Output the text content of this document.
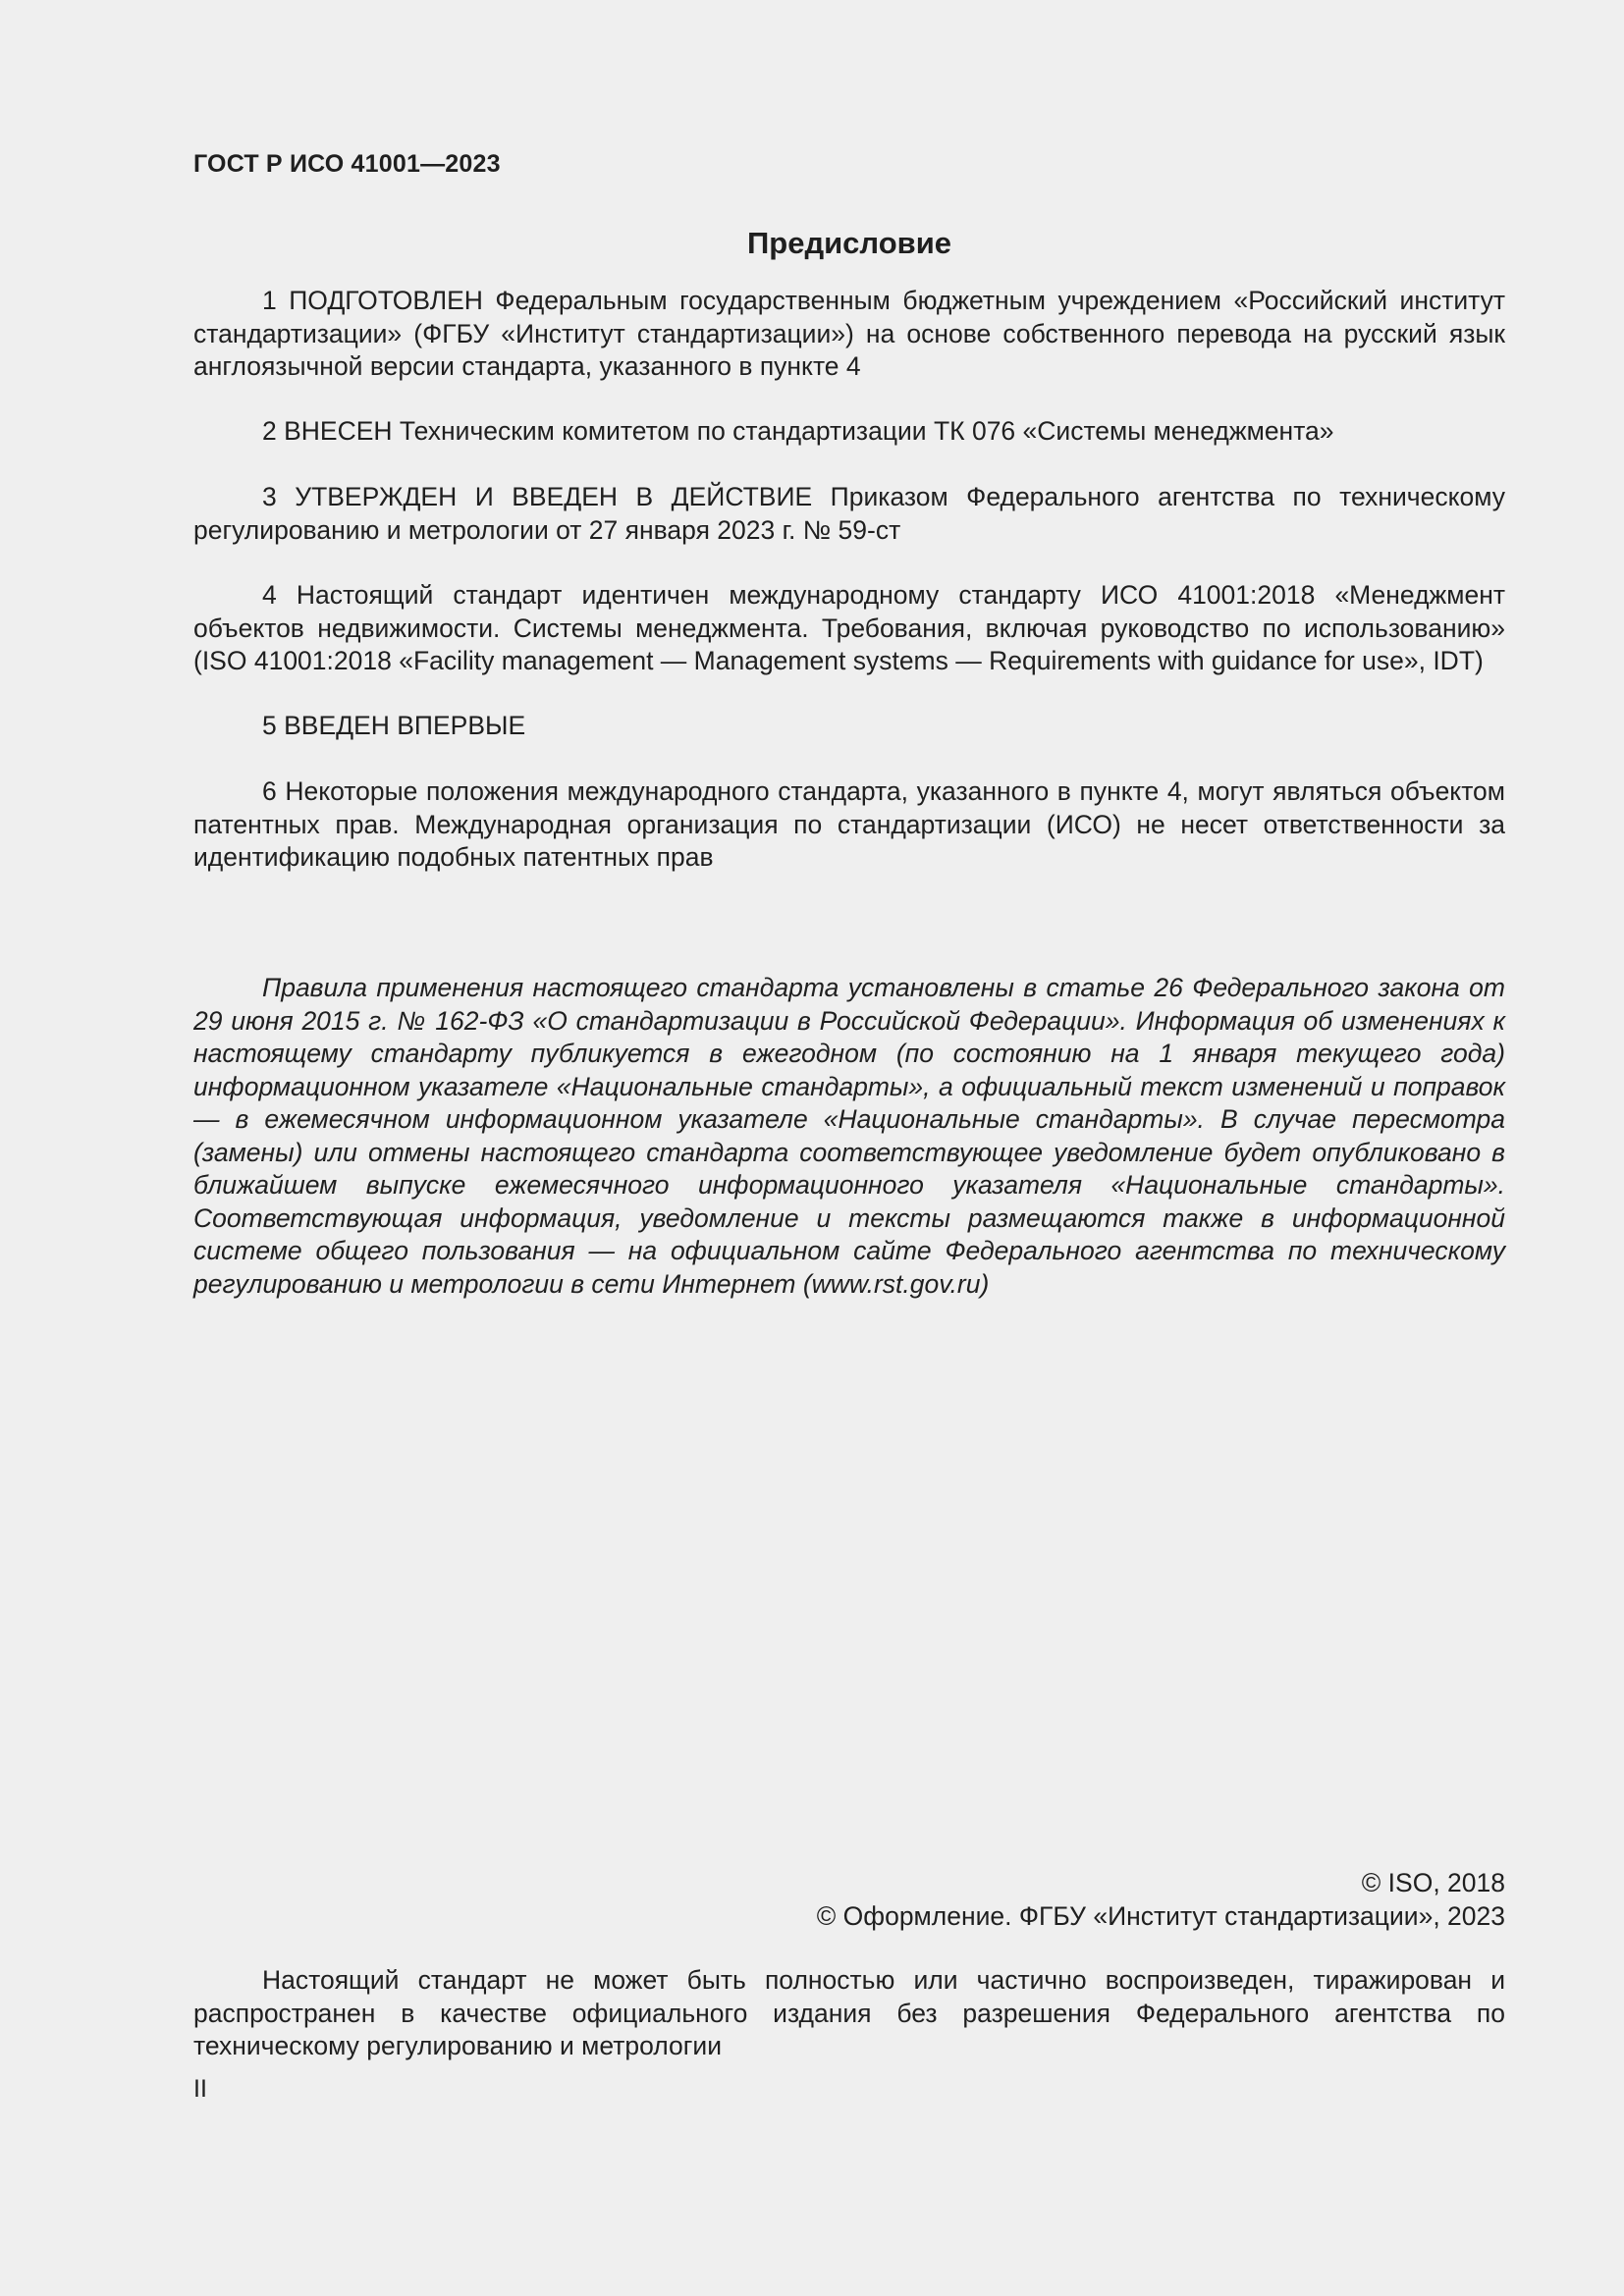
ГОСТ Р ИСО 41001—2023
Предисловие

1 ПОДГОТОВЛЕН Федеральным государственным бюджетным учреждением «Российский институт стандартизации» (ФГБУ «Институт стандартизации») на основе собственного перевода на русский язык англоязычной версии стандарта, указанного в пункте 4

2 ВНЕСЕН Техническим комитетом по стандартизации ТК 076 «Системы менеджмента»

3 УТВЕРЖДЕН И ВВЕДЕН В ДЕЙСТВИЕ Приказом Федерального агентства по техническому регулированию и метрологии от 27 января 2023 г. № 59-ст

4 Настоящий стандарт идентичен международному стандарту ИСО 41001:2018 «Менеджмент объектов недвижимости. Системы менеджмента. Требования, включая руководство по использованию» (ISO 41001:2018 «Facility management — Management systems — Requirements with guidance for use», IDT)

5 ВВЕДЕН ВПЕРВЫЕ

6 Некоторые положения международного стандарта, указанного в пункте 4, могут являться объектом патентных прав. Международная организация по стандартизации (ИСО) не несет ответственности за идентификацию подобных патентных прав

Правила применения настоящего стандарта установлены в статье 26 Федерального закона от 29 июня 2015 г. № 162-ФЗ «О стандартизации в Российской Федерации». Информация об изменениях к настоящему стандарту публикуется в ежегодном (по состоянию на 1 января текущего года) информационном указателе «Национальные стандарты», а официальный текст изменений и поправок — в ежемесячном информационном указателе «Национальные стандарты». В случае пересмотра (замены) или отмены настоящего стандарта соответствующее уведомление будет опубликовано в ближайшем выпуске ежемесячного информационного указателя «Национальные стандарты». Соответствующая информация, уведомление и тексты размещаются также в информационной системе общего пользования — на официальном сайте Федерального агентства по техническому регулированию и метрологии в сети Интернет (www.rst.gov.ru)

© ISO, 2018
© Оформление. ФГБУ «Институт стандартизации», 2023

Настоящий стандарт не может быть полностью или частично воспроизведен, тиражирован и распространен в качестве официального издания без разрешения Федерального агентства по техническому регулированию и метрологии

II
